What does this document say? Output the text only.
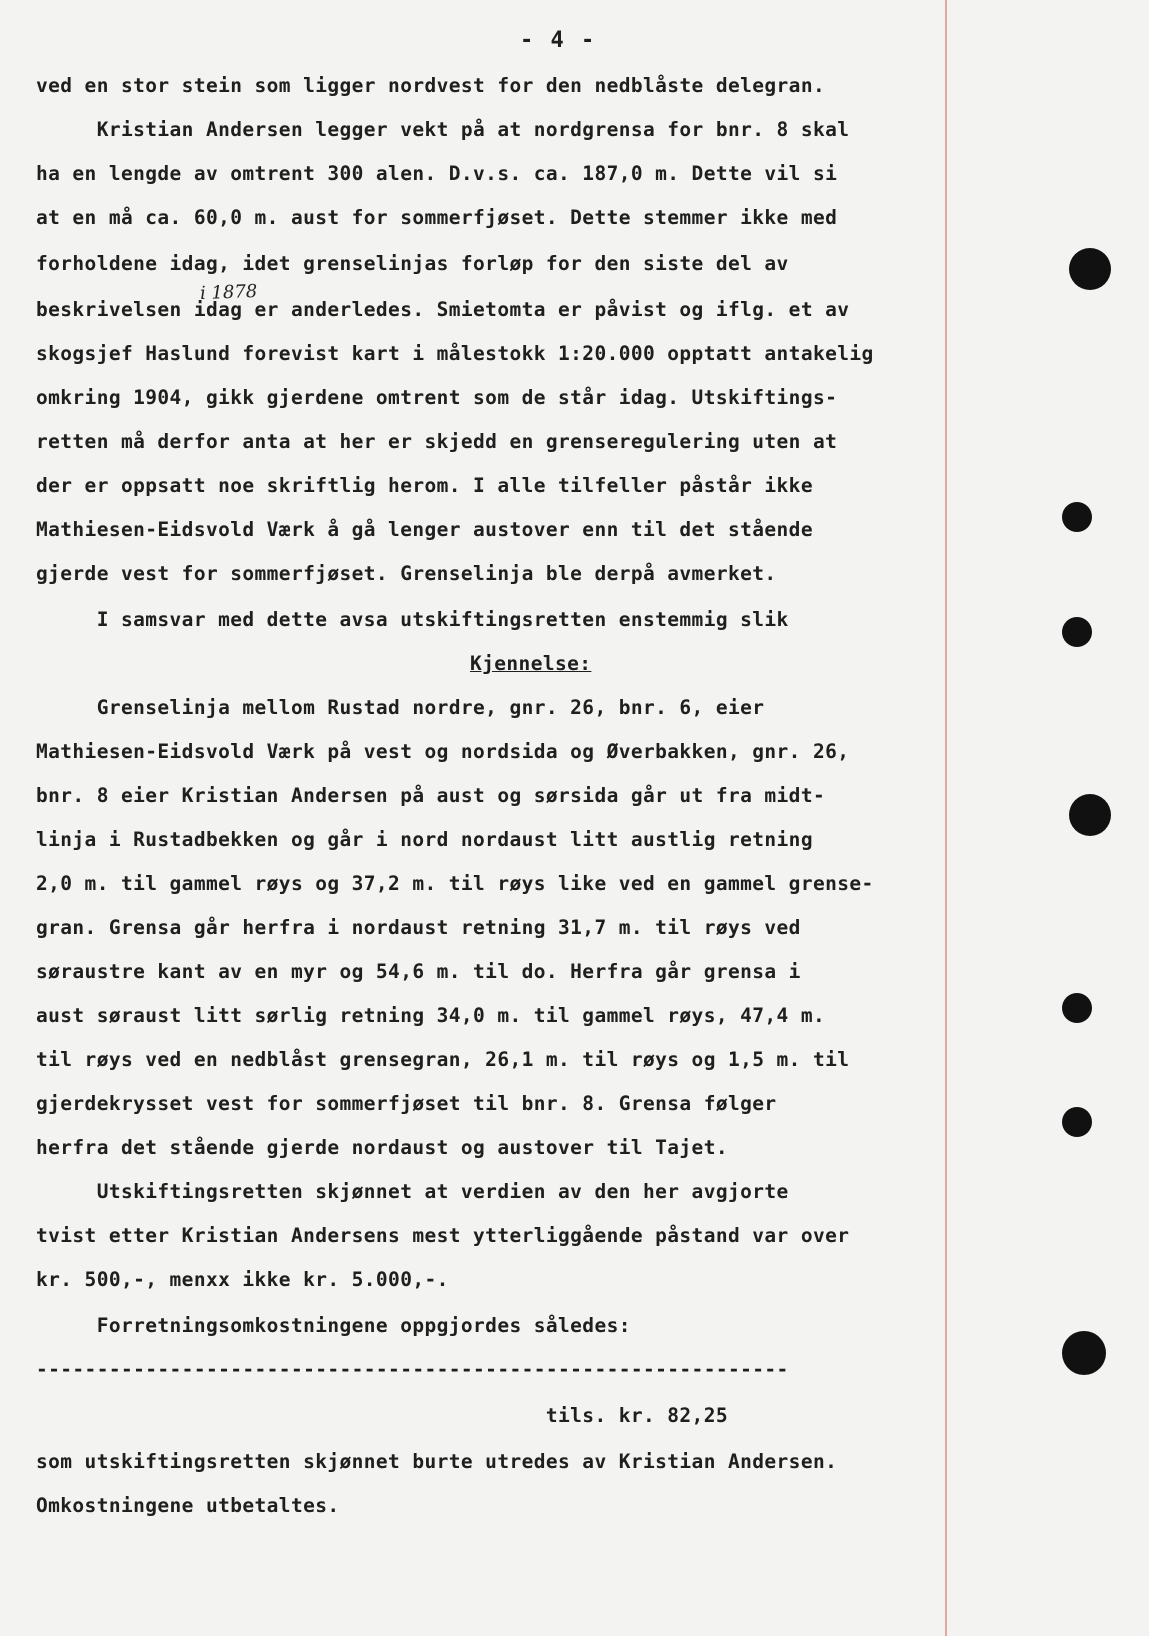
- 4 -
ved en stor stein som ligger nordvest for den nedblåste delegran.
Kristian Andersen legger vekt på at nordgrensa for bnr. 8 skal
ha en lengde av omtrent 300 alen. D.v.s. ca. 187,0 m. Dette vil si
at en må ca. 60,0 m. aust for sommerfjøset. Dette stemmer ikke med
forholdene idag, idet grenselinjas forløp for den siste del av
i 1878
beskrivelsen idag er anderledes. Smietomta er påvist og iflg. et av
skogsjef Haslund forevist kart i målestokk 1:20.000 opptatt antakelig
omkring 1904, gikk gjerdene omtrent som de står idag. Utskiftings-
retten må derfor anta at her er skjedd en grenseregulering uten at
der er oppsatt noe skriftlig herom. I alle tilfeller påstår ikke
Mathiesen-Eidsvold Værk å gå lenger austover enn til det stående
gjerde vest for sommerfjøset. Grenselinja ble derpå avmerket.
I samsvar med dette avsa utskiftingsretten enstemmig slik
Kjennelse:
Grenselinja mellom Rustad nordre, gnr. 26, bnr. 6, eier
Mathiesen-Eidsvold Værk på vest og nordsida og Øverbakken, gnr. 26,
bnr. 8 eier Kristian Andersen på aust og sørsida går ut fra midt-
linja i Rustadbekken og går i nord nordaust litt austlig retning
2,0 m. til gammel røys og 37,2 m. til røys like ved en gammel grense-
gran. Grensa går herfra i nordaust retning 31,7 m. til røys ved
søraustre kant av en myr og 54,6 m. til do. Herfra går grensa i
aust søraust litt sørlig retning 34,0 m. til gammel røys, 47,4 m.
til røys ved en nedblåst grensegran, 26,1 m. til røys og 1,5 m. til
gjerdekrysset vest for sommerfjøset til bnr. 8. Grensa følger
herfra det stående gjerde nordaust og austover til Tajet.
Utskiftingsretten skjønnet at verdien av den her avgjorte
tvist etter Kristian Andersens mest ytterliggående påstand var over
kr. 500,-, menxx ikke kr. 5.000,-.
Forretningsomkostningene oppgjordes således:
--------------------------------------------------------------
tils. kr. 82,25
som utskiftingsretten skjønnet burte utredes av Kristian Andersen.
Omkostningene utbetaltes.
